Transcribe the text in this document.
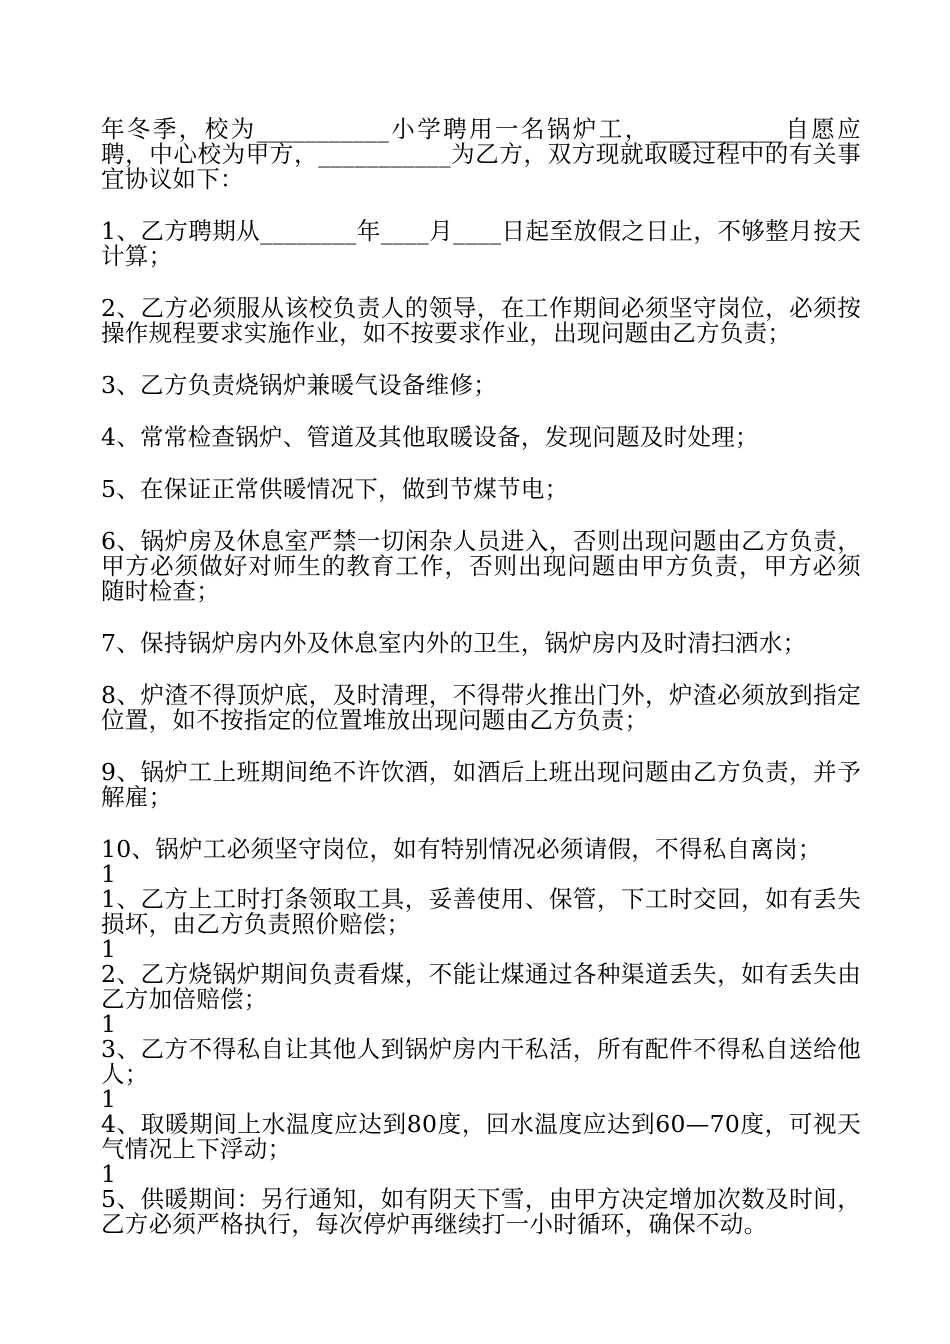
年冬季，校为___________小学聘用一名锅炉工，___________自愿应聘，中心校为甲方，___________为乙方，双方现就取暖过程中的有关事宜协议如下：

1、乙方聘期从________年____月____日起至放假之日止，不够整月按天计算；

2、乙方必须服从该校负责人的领导，在工作期间必须坚守岗位，必须按操作规程要求实施作业，如不按要求作业，出现问题由乙方负责；

3、乙方负责烧锅炉兼暖气设备维修；

4、常常检查锅炉、管道及其他取暖设备，发现问题及时处理；

5、在保证正常供暖情况下，做到节煤节电；

6、锅炉房及休息室严禁一切闲杂人员进入，否则出现问题由乙方负责，甲方必须做好对师生的教育工作，否则出现问题由甲方负责，甲方必须随时检查；

7、保持锅炉房内外及休息室内外的卫生，锅炉房内及时清扫洒水；

8、炉渣不得顶炉底，及时清理，不得带火推出门外，炉渣必须放到指定位置，如不按指定的位置堆放出现问题由乙方负责；

9、锅炉工上班期间绝不许饮酒，如酒后上班出现问题由乙方负责，并予解雇；

10、锅炉工必须坚守岗位，如有特别情况必须请假，不得私自离岗；

1

1、乙方上工时打条领取工具，妥善使用、保管，下工时交回，如有丢失损坏，由乙方负责照价赔偿；

1

2、乙方烧锅炉期间负责看煤，不能让煤通过各种渠道丢失，如有丢失由乙方加倍赔偿；

1

3、乙方不得私自让其他人到锅炉房内干私活，所有配件不得私自送给他人；

1

4、取暖期间上水温度应达到80度，回水温度应达到60—70度，可视天气情况上下浮动；

1

5、供暖期间：另行通知，如有阴天下雪，由甲方决定增加次数及时间，乙方必须严格执行，每次停炉再继续打一小时循环，确保不动。
